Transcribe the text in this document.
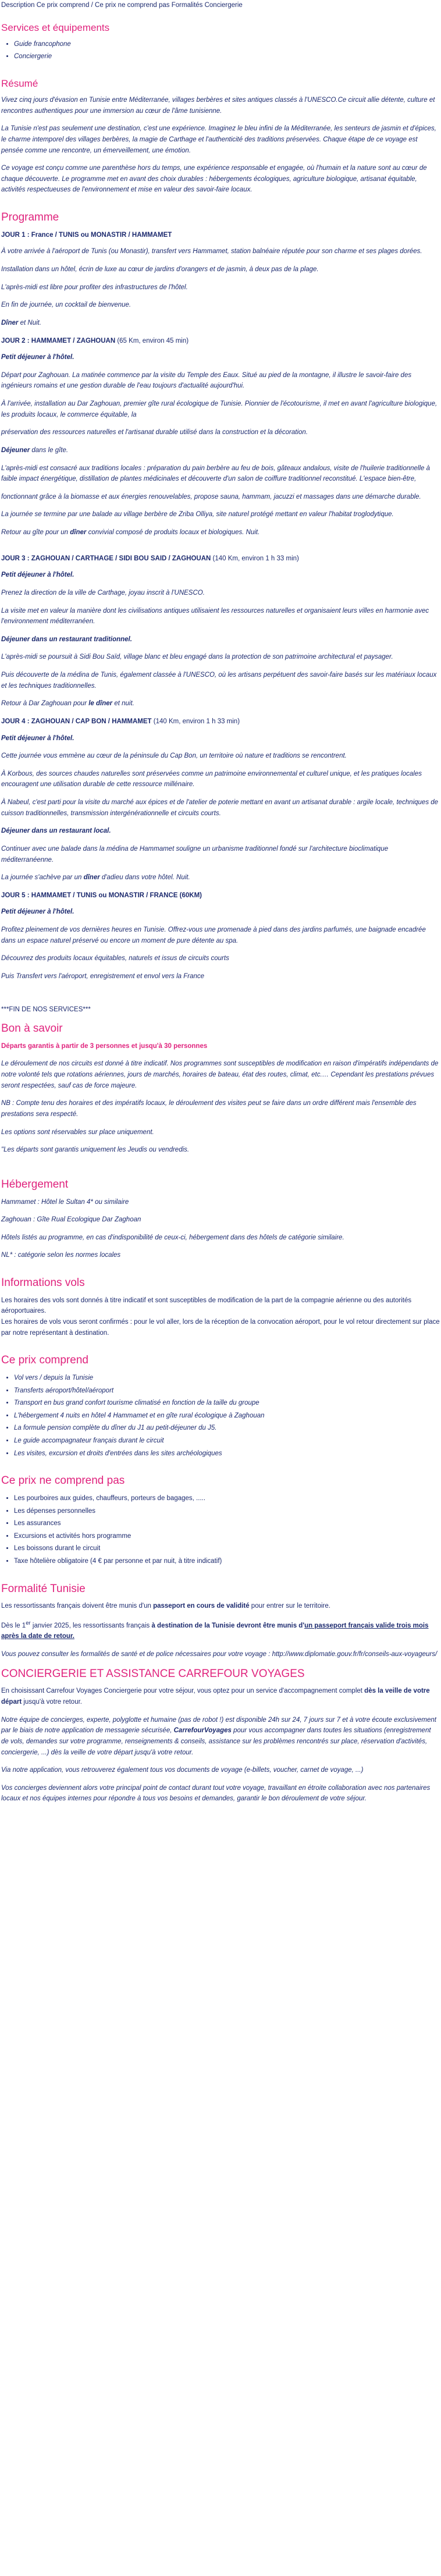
Description Ce prix comprend / Ce prix ne comprend pas Formalités Conciergerie
Services et équipements
• Guide francophone
• Conciergerie
Résumé

Vivez cinq jours d'évasion en Tunisie entre Méditerranée, villages berbères et sites antiques classés à l'UNESCO.Ce circuit allie détente, culture et rencontres authentiques pour une immersion au cœur de l'âme tunisienne.

La Tunisie n'est pas seulement une destination, c'est une expérience. Imaginez le bleu infini de la Méditerranée, les senteurs de jasmin et d'épices, le charme intemporel des villages berbères, la magie de Carthage et l'authenticité des traditions préservées. Chaque étape de ce voyage est pensée comme une rencontre, un émerveillement, une émotion.

Ce voyage est conçu comme une parenthèse hors du temps, une expérience responsable et engagée, où l'humain et la nature sont au cœur de chaque découverte. Le programme met en avant des choix durables : hébergements écologiques, agriculture biologique, artisanat équitable, activités respectueuses de l'environnement et mise en valeur des savoir-faire locaux.

Programme

JOUR 1 : France / TUNIS ou MONASTIR / HAMMAMET

À votre arrivée à l'aéroport de Tunis (ou Monastir), transfert vers Hammamet, station balnéaire réputée pour son charme et ses plages dorées.

Installation dans un hôtel, écrin de luxe au cœur de jardins d'orangers et de jasmin, à deux pas de la plage.

L'après-midi est libre pour profiter des infrastructures de l'hôtel.

En fin de journée, un cocktail de bienvenue.

Dîner et Nuit.

JOUR 2 : HAMMAMET / ZAGHOUAN (65 Km, environ 45 min)

Petit déjeuner à l'hôtel.

Départ pour Zaghouan. La matinée commence par la visite du Temple des Eaux. Situé au pied de la montagne, il illustre le savoir-faire des ingénieurs romains et une gestion durable de l'eau toujours d'actualité aujourd'hui.

À l'arrivée, installation au Dar Zaghouan, premier gîte rural écologique de Tunisie. Pionnier de l'écotourisme, il met en avant l'agriculture biologique, les produits locaux, le commerce équitable, la

préservation des ressources naturelles et l'artisanat durable utilisé dans la construction et la décoration.

Déjeuner dans le gîte.

L'après-midi est consacré aux traditions locales : préparation du pain berbère au feu de bois, gâteaux andalous, visite de l'huilerie traditionnelle à faible impact énergétique, distillation de plantes médicinales et découverte d'un salon de coiffure traditionnel reconstitué. L'espace bien-être,

fonctionnant grâce à la biomasse et aux énergies renouvelables, propose sauna, hammam, jacuzzi et massages dans une démarche durable.

La journée se termine par une balade au village berbère de Zriba Olliya, site naturel protégé mettant en valeur l'habitat troglodytique.

Retour au gîte pour un dîner convivial composé de produits locaux et biologiques. Nuit.

JOUR 3 : ZAGHOUAN / CARTHAGE / SIDI BOU SAID / ZAGHOUAN (140 Km, environ 1 h 33 min)

Petit déjeuner à l'hôtel.

Prenez la direction de la ville de Carthage, joyau inscrit à l'UNESCO.

La visite met en valeur la manière dont les civilisations antiques utilisaient les ressources naturelles et organisaient leurs villes en harmonie avec l'environnement méditerranéen.

Déjeuner dans un restaurant traditionnel.

L'après-midi se poursuit à Sidi Bou Saïd, village blanc et bleu engagé dans la protection de son patrimoine architectural et paysager.

Puis découverte de la médina de Tunis, également classée à l'UNESCO, où les artisans perpétuent des savoir-faire basés sur les matériaux locaux et les techniques traditionnelles.

Retour à Dar Zaghouan pour le dîner et nuit.

JOUR 4 : ZAGHOUAN / CAP BON / HAMMAMET (140 Km, environ 1 h 33 min)

Petit déjeuner à l'hôtel.

Cette journée vous emmène au cœur de la péninsule du Cap Bon, un territoire où nature et traditions se rencontrent.

À Korbous, des sources chaudes naturelles sont préservées comme un patrimoine environnemental et culturel unique, et les pratiques locales encouragent une utilisation durable de cette ressource millénaire.

À Nabeul, c'est parti pour la visite du marché aux épices et de l'atelier de poterie mettant en avant un artisanat durable : argile locale, techniques de cuisson traditionnelles, transmission intergénérationnelle et circuits courts.

Déjeuner dans un restaurant local.

Continuer avec une balade dans la médina de Hammamet souligne un urbanisme traditionnel fondé sur l'architecture bioclimatique méditerranéenne.

La journée s'achève par un dîner d'adieu dans votre hôtel. Nuit.

JOUR 5 : HAMMAMET / TUNIS ou MONASTIR / FRANCE (60KM)

Petit déjeuner à l'hôtel.

Profitez pleinement de vos dernières heures en Tunisie. Offrez-vous une promenade à pied dans des jardins parfumés, une baignade encadrée dans un espace naturel préservé ou encore un moment de pure détente au spa.

Découvrez des produits locaux équitables, naturels et issus de circuits courts

Puis Transfert vers l'aéroport, enregistrement et envol vers la France

***FIN DE NOS SERVICES***

Bon à savoir

Départs garantis à partir de 3 personnes et jusqu'à 30 personnes

Le déroulement de nos circuits est donné à titre indicatif. Nos programmes sont susceptibles de modification en raison d'impératifs indépendants de notre volonté tels que rotations aériennes, jours de marchés, horaires de bateau, état des routes, climat, etc.… Cependant les prestations prévues seront respectées, sauf cas de force majeure.

NB : Compte tenu des horaires et des impératifs locaux, le déroulement des visites peut se faire dans un ordre différent mais l'ensemble des prestations sera respecté.

Les options sont réservables sur place uniquement.

"Les départs sont garantis uniquement les Jeudis ou vendredis.

Hébergement

Hammamet : Hôtel le Sultan 4* ou similaire

Zaghouan : Gîte Rual Ecologique Dar Zaghoan

Hôtels listés au programme, en cas d'indisponibilité de ceux-ci, hébergement dans des hôtels de catégorie similaire.

NL* : catégorie selon les normes locales

Informations vols

Les horaires des vols sont donnés à titre indicatif et sont susceptibles de modification de la part de la compagnie aérienne ou des autorités aéroportuaires.

Les horaires de vols vous seront confirmés : pour le vol aller, lors de la réception de la convocation aéroport, pour le vol retour directement sur place par notre représentant à destination.

Ce prix comprend
• Vol vers / depuis la Tunisie
• Transferts aéroport/hôtel/aéroport
• Transport en bus grand confort tourisme climatisé en fonction de la taille du groupe
• L'hébergement 4 nuits en hôtel 4 Hammamet et en gîte rural écologique à Zaghouan
• La formule pension complète du dîner du J1 au petit-déjeuner du J5.
• Le guide accompagnateur français durant le circuit
• Les visites, excursion et droits d'entrées dans les sites archéologiques
Ce prix ne comprend pas
• Les pourboires aux guides, chauffeurs, porteurs de bagages, .....
• Les dépenses personnelles
• Les assurances
• Excursions et activités hors programme
• Les boissons durant le circuit
• Taxe hôtelière obligatoire (4 € par personne et par nuit, à titre indicatif)
Formalité Tunisie

Les ressortissants français doivent être munis d'un passeport en cours de validité pour entrer sur le territoire.

Dès le 1er janvier 2025, les ressortissants français à destination de la Tunisie devront être munis d'un passeport français valide trois mois après la date de retour.

Vous pouvez consulter les formalités de santé et de police nécessaires pour votre voyage : http://www.diplomatie.gouv.fr/fr/conseils-aux-voyageurs/

CONCIERGERIE ET ASSISTANCE CARREFOUR VOYAGES

En choisissant Carrefour Voyages Conciergerie pour votre séjour, vous optez pour un service d'accompagnement complet dès la veille de votre départ jusqu'à votre retour.

Notre équipe de concierges, experte, polyglotte et humaine (pas de robot !) est disponible 24h sur 24, 7 jours sur 7 et à votre écoute exclusivement par le biais de notre application de messagerie sécurisée, CarrefourVoyages pour vous accompagner dans toutes les situations (enregistrement de vols, demandes sur votre programme, renseignements & conseils, assistance sur les problèmes rencontrés sur place, réservation d'activités, conciergerie, ...) dès la veille de votre départ jusqu'à votre retour.

Via notre application, vous retrouverez également tous vos documents de voyage (e-billets, voucher, carnet de voyage, ...)

Vos concierges deviennent alors votre principal point de contact durant tout votre voyage, travaillant en étroite collaboration avec nos partenaires locaux et nos équipes internes pour répondre à tous vos besoins et demandes, garantir le bon déroulement de votre séjour.
